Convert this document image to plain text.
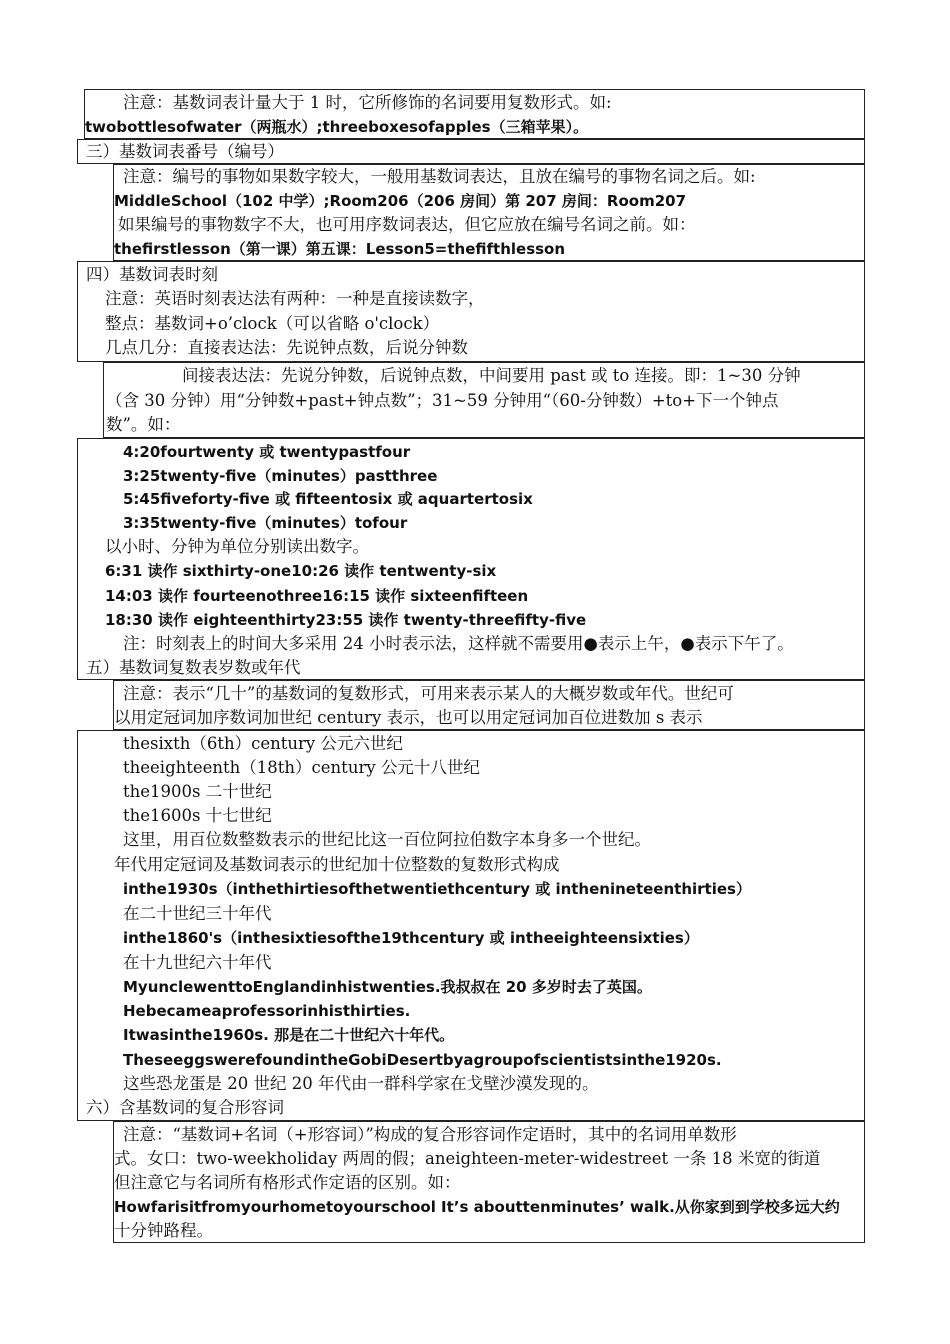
注意：基数词表计量大于 1 时，它所修饰的名词要用复数形式。如:
twobottlesofwater（两瓶水）;threeboxesofapples（三箱苹果）。
三）基数词表番号（编号）
注意：编号的事物如果数字较大，一般用基数词表达，且放在编号的事物名词之后。如:
MiddleSchool（102 中学）;Room206（206 房间）第 207 房间：Room207
如果编号的事物数字不大，也可用序数词表达，但它应放在编号名词之前。如：
thefirstlesson（第一课）第五课：Lesson5=thefifthlesson
四）基数词表时刻
注意：英语时刻表达法有两种：一种是直接读数字，
整点：基数词+o’clock（可以省略 o'clock）
几点几分：直接表达法：先说钟点数，后说分钟数
间接表达法：先说分钟数，后说钟点数，中间要用 past 或 to 连接。即：1~30 分钟
（含 30 分钟）用“分钟数+past+钟点数”；31~59 分钟用“（60-分钟数）+to+下一个钟点
数”。如：
4:20fourtwenty 或 twentypastfour
3:25twenty-five（minutes）pastthree
5:45fiveforty-five 或 fifteentosix 或 aquartertosix
3:35twenty-five（minutes）tofour
以小时、分钟为单位分别读出数字。
6:31 读作 sixthirty-one10:26 读作 tentwenty-six
14:03 读作 fourteenothree16:15 读作 sixteenfifteen
18:30 读作 eighteenthirty23:55 读作 twenty-threefifty-five
注：时刻表上的时间大多采用 24 小时表示法，这样就不需要用●表示上午，●表示下午了。
五）基数词复数表岁数或年代
注意：表示“几十”的基数词的复数形式，可用来表示某人的大概岁数或年代。世纪可
以用定冠词加序数词加世纪 century 表示，也可以用定冠词加百位进数加 s 表示
thesixth（6th）century 公元六世纪
theeighteenth（18th）century 公元十八世纪
the1900s 二十世纪
the1600s 十七世纪
这里，用百位数整数表示的世纪比这一百位阿拉伯数字本身多一个世纪。
年代用定冠词及基数词表示的世纪加十位整数的复数形式构成
inthe1930s（inthethirtiesofthetwentiethcentury 或 inthenineteenthirties）
在二十世纪三十年代
inthe1860's（inthesixtiesofthe19thcentury 或 intheeighteensixties）
在十九世纪六十年代
MyunclewenttoEnglandinhistwenties.我叔叔在 20 多岁时去了英国。
Hebecameaprofessorinhisthirties.
Itwasinthe1960s. 那是在二十世纪六十年代。
TheseeggswerefoundintheGobiDesertbyagroupofscientistsinthe1920s.
这些恐龙蛋是 20 世纪 20 年代由一群科学家在戈壁沙漠发现的。
六）含基数词的复合形容词
注意：“基数词+名词（+形容词）”构成的复合形容词作定语时，其中的名词用单数形
式。女口：two-weekholiday 两周的假；aneighteen-meter-widestreet 一条 18 米宽的街道
但注意它与名词所有格形式作定语的区别。如：
Howfarisitfromyourhometoyourschool It’s abouttenminutes’ walk.从你家到到学校多远大约
十分钟路程。
